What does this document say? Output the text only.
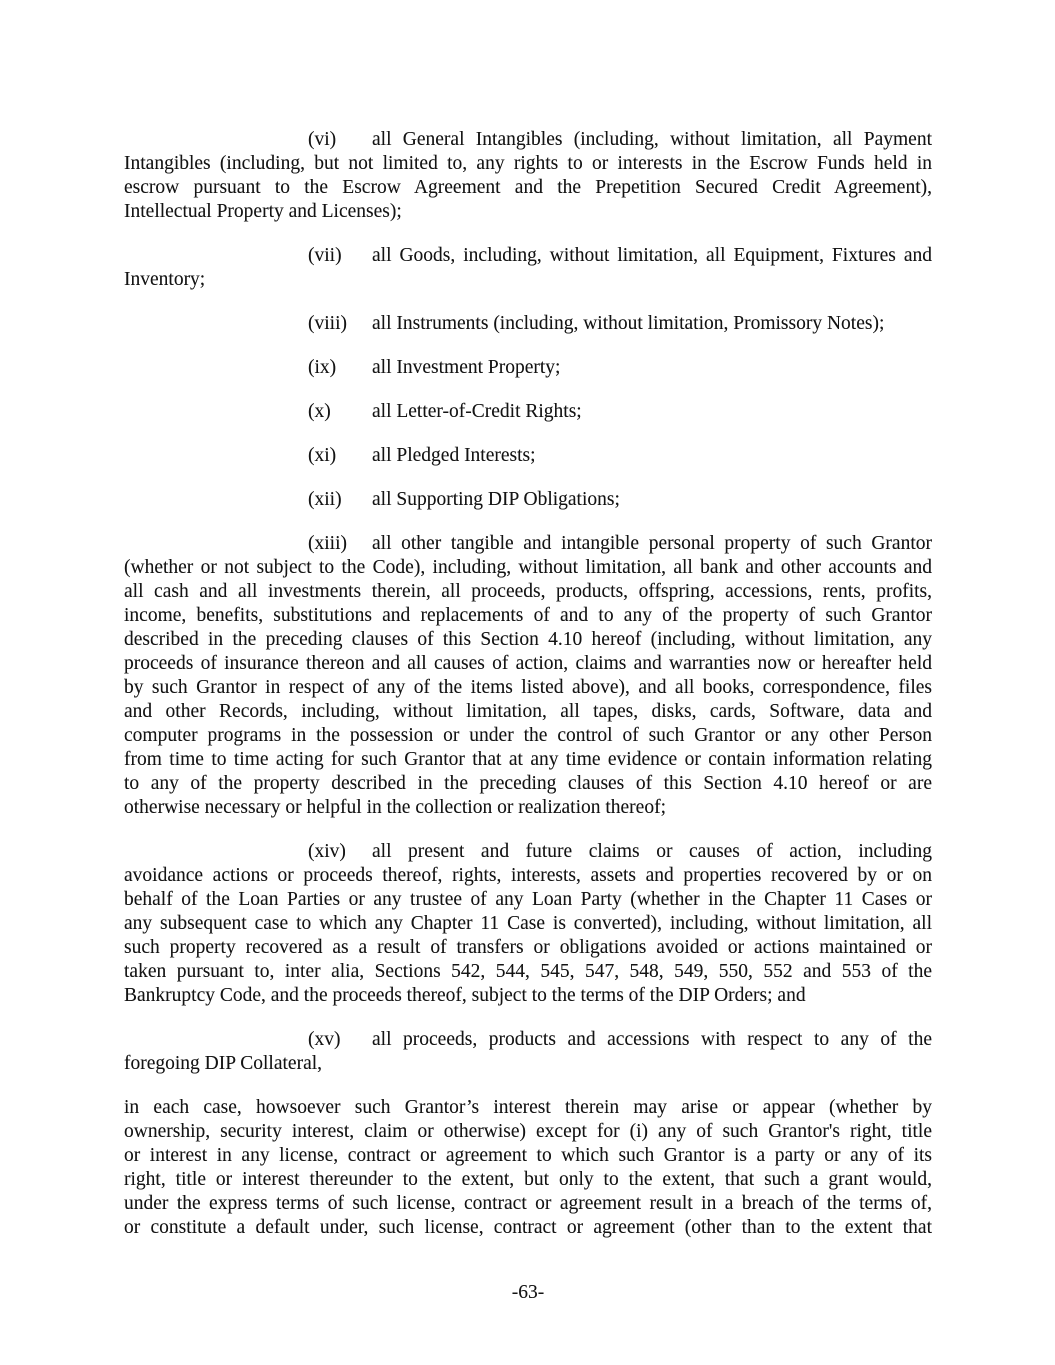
(vi) all General Intangibles (including, without limitation, all Payment
Intangibles (including, but not limited to, any rights to or interests in the Escrow Funds held in
escrow pursuant to the Escrow Agreement and the Prepetition Secured Credit Agreement),
Intellectual Property and Licenses);
(vii) all Goods, including, without limitation, all Equipment, Fixtures and
Inventory;
(viii) all Instruments (including, without limitation, Promissory Notes);
(ix) all Investment Property;
(x) all Letter-of-Credit Rights;
(xi) all Pledged Interests;
(xii) all Supporting DIP Obligations;
(xiii) all other tangible and intangible personal property of such Grantor
(whether or not subject to the Code), including, without limitation, all bank and other accounts and
all cash and all investments therein, all proceeds, products, offspring, accessions, rents, profits,
income, benefits, substitutions and replacements of and to any of the property of such Grantor
described in the preceding clauses of this Section 4.10 hereof (including, without limitation, any
proceeds of insurance thereon and all causes of action, claims and warranties now or hereafter held
by such Grantor in respect of any of the items listed above), and all books, correspondence, files
and other Records, including, without limitation, all tapes, disks, cards, Software, data and
computer programs in the possession or under the control of such Grantor or any other Person
from time to time acting for such Grantor that at any time evidence or contain information relating
to any of the property described in the preceding clauses of this Section 4.10 hereof or are
otherwise necessary or helpful in the collection or realization thereof;
(xiv) all present and future claims or causes of action, including
avoidance actions or proceeds thereof, rights, interests, assets and properties recovered by or on
behalf of the Loan Parties or any trustee of any Loan Party (whether in the Chapter 11 Cases or
any subsequent case to which any Chapter 11 Case is converted), including, without limitation, all
such property recovered as a result of transfers or obligations avoided or actions maintained or
taken pursuant to, inter alia, Sections 542, 544, 545, 547, 548, 549, 550, 552 and 553 of the
Bankruptcy Code, and the proceeds thereof, subject to the terms of the DIP Orders; and
(xv) all proceeds, products and accessions with respect to any of the
foregoing DIP Collateral,
in each case, howsoever such Grantor’s interest therein may arise or appear (whether by
ownership, security interest, claim or otherwise) except for (i) any of such Grantor's right, title
or interest in any license, contract or agreement to which such Grantor is a party or any of its
right, title or interest thereunder to the extent, but only to the extent, that such a grant would,
under the express terms of such license, contract or agreement result in a breach of the terms of,
or constitute a default under, such license, contract or agreement (other than to the extent that
-63-
